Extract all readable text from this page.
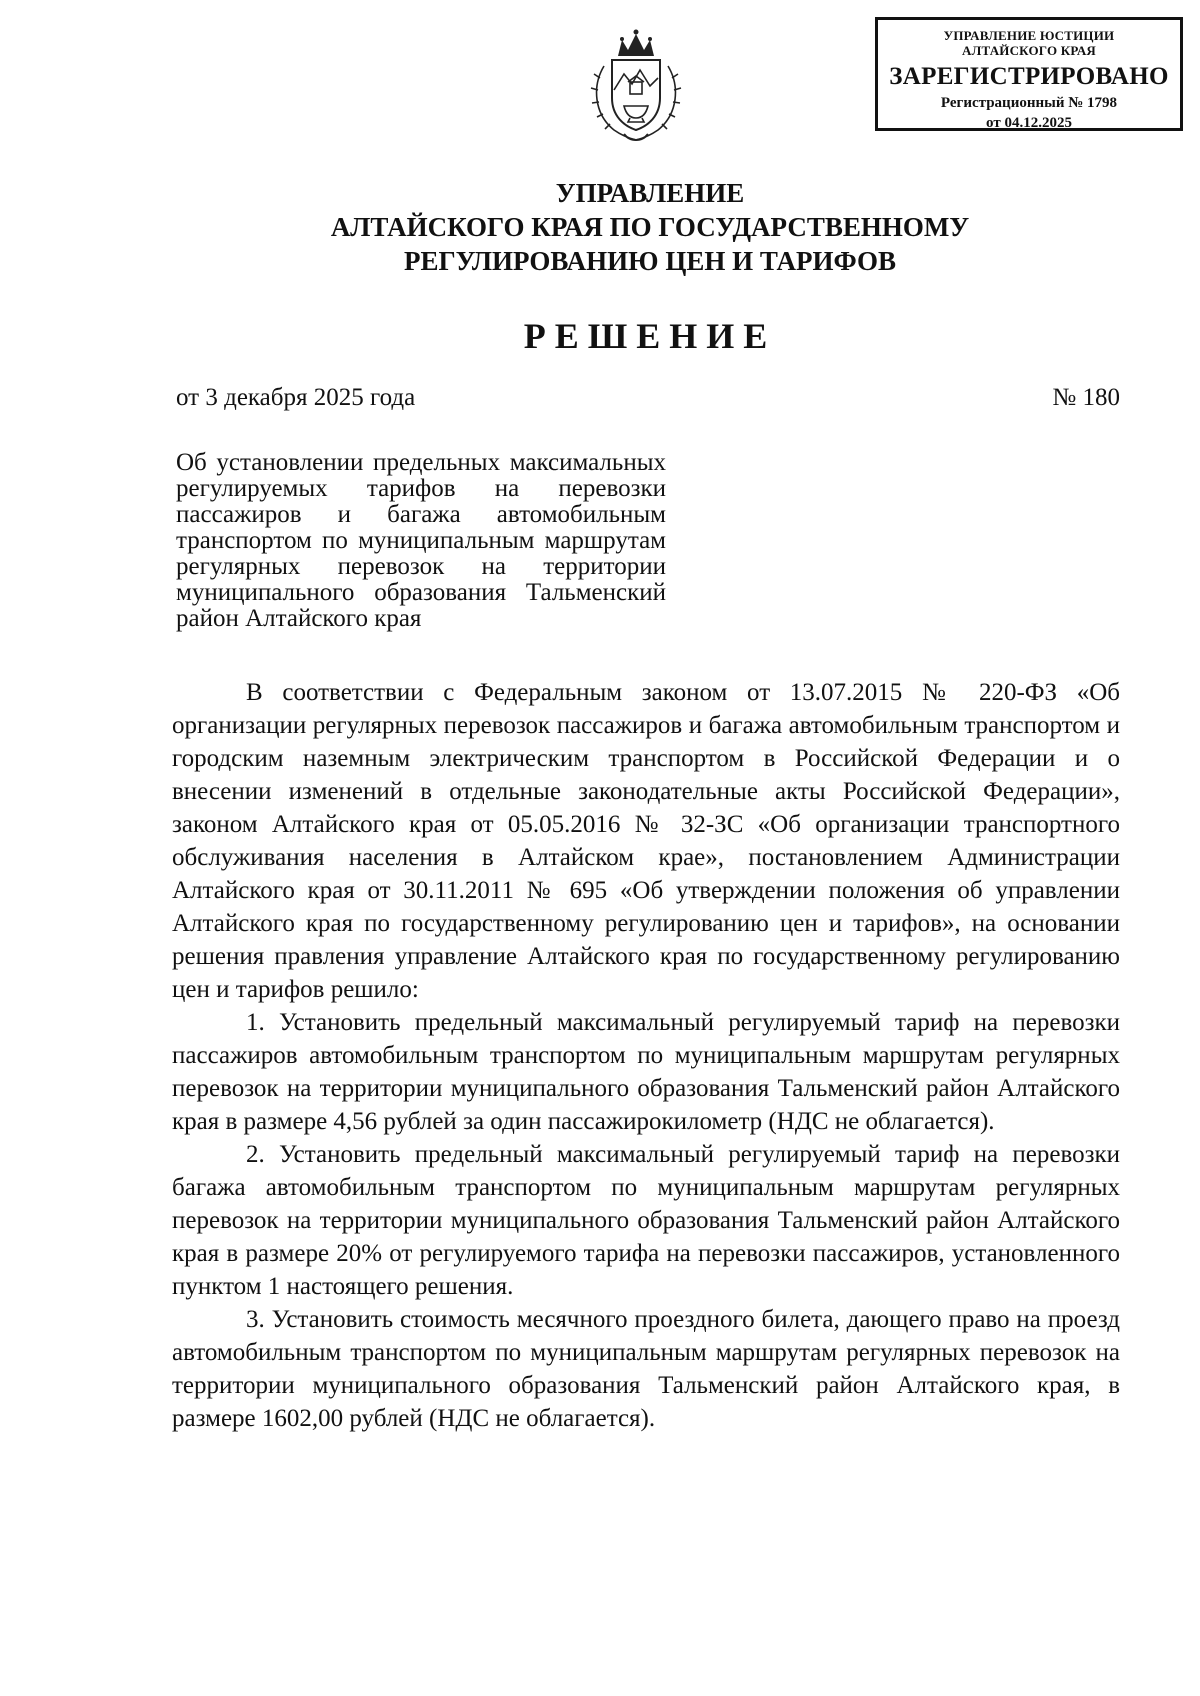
УПРАВЛЕНИЕ ЮСТИЦИИ
АЛТАЙСКОГО КРАЯ
ЗАРЕГИСТРИРОВАНО
Регистрационный № 1798
от 04.12.2025
УПРАВЛЕНИЕ
АЛТАЙСКОГО КРАЯ ПО ГОСУДАРСТВЕННОМУ
РЕГУЛИРОВАНИЮ ЦЕН И ТАРИФОВ
РЕШЕНИЕ
от 3 декабря 2025 года	№ 180
Об установлении предельных максимальных регулируемых тарифов на перевозки пассажиров и багажа автомобильным транспортом по муниципальным маршрутам регулярных перевозок на территории муниципального образования Тальменский район Алтайского края

В соответствии с Федеральным законом от 13.07.2015 № 220-ФЗ «Об организации регулярных перевозок пассажиров и багажа автомобильным транспортом и городским наземным электрическим транспортом в Российской Федерации и о внесении изменений в отдельные законодательные акты Российской Федерации», законом Алтайского края от 05.05.2016 № 32-ЗС «Об организации транспортного обслуживания населения в Алтайском крае», постановлением Администрации Алтайского края от 30.11.2011 № 695 «Об утверждении положения об управлении Алтайского края по государственному регулированию цен и тарифов», на основании решения правления управление Алтайского края по государственному регулированию цен и тарифов решило:

1. Установить предельный максимальный регулируемый тариф на перевозки пассажиров автомобильным транспортом по муниципальным маршрутам регулярных перевозок на территории муниципального образования Тальменский район Алтайского края в размере 4,56 рублей за один пассажирокилометр (НДС не облагается).

2. Установить предельный максимальный регулируемый тариф на перевозки багажа автомобильным транспортом по муниципальным маршрутам регулярных перевозок на территории муниципального образования Тальменский район Алтайского края в размере 20% от регулируемого тарифа на перевозки пассажиров, установленного пунктом 1 настоящего решения.

3. Установить стоимость месячного проездного билета, дающего право на проезд автомобильным транспортом по муниципальным маршрутам регулярных перевозок на территории муниципального образования Тальменский район Алтайского края, в размере 1602,00 рублей (НДС не облагается).
